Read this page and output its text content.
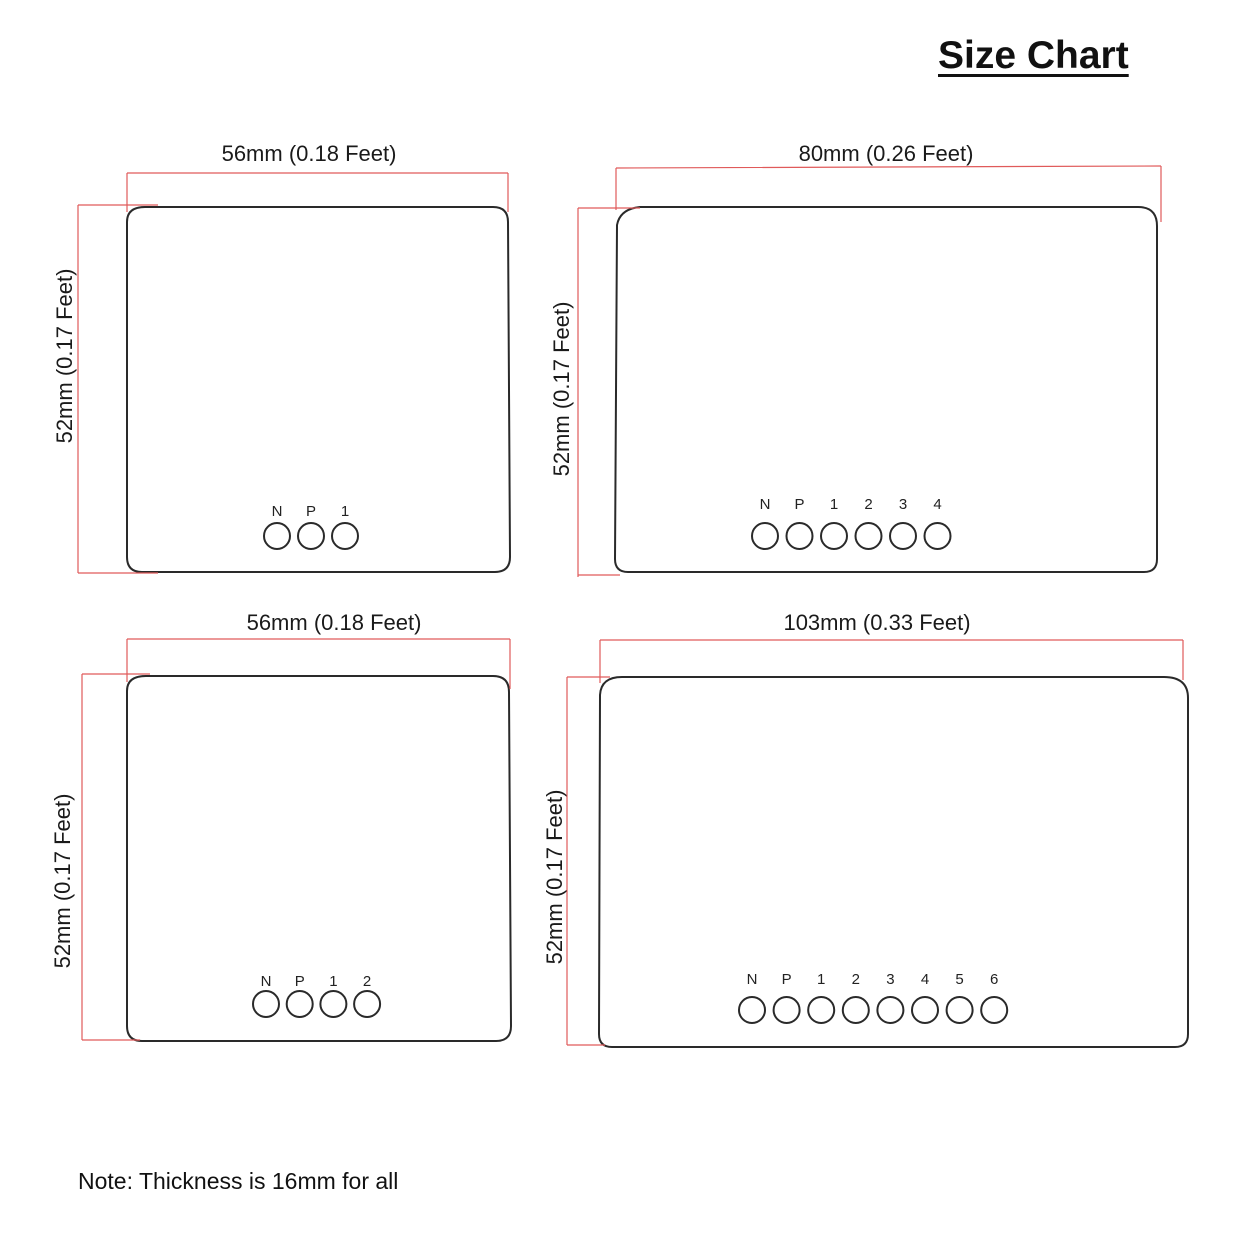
Size Chart
N P 1	N P 1 2 3 4
N P 1 2	N P 1 2 3 4 5 6
56mm (0.18 Feet)
52mm (0.17 Feet)
80mm (0.26 Feet)
52mm (0.17 Feet)
56mm (0.18 Feet)
52mm (0.17 Feet)
103mm (0.33 Feet)
52mm (0.17 Feet)
Note: Thickness is 16mm for all
